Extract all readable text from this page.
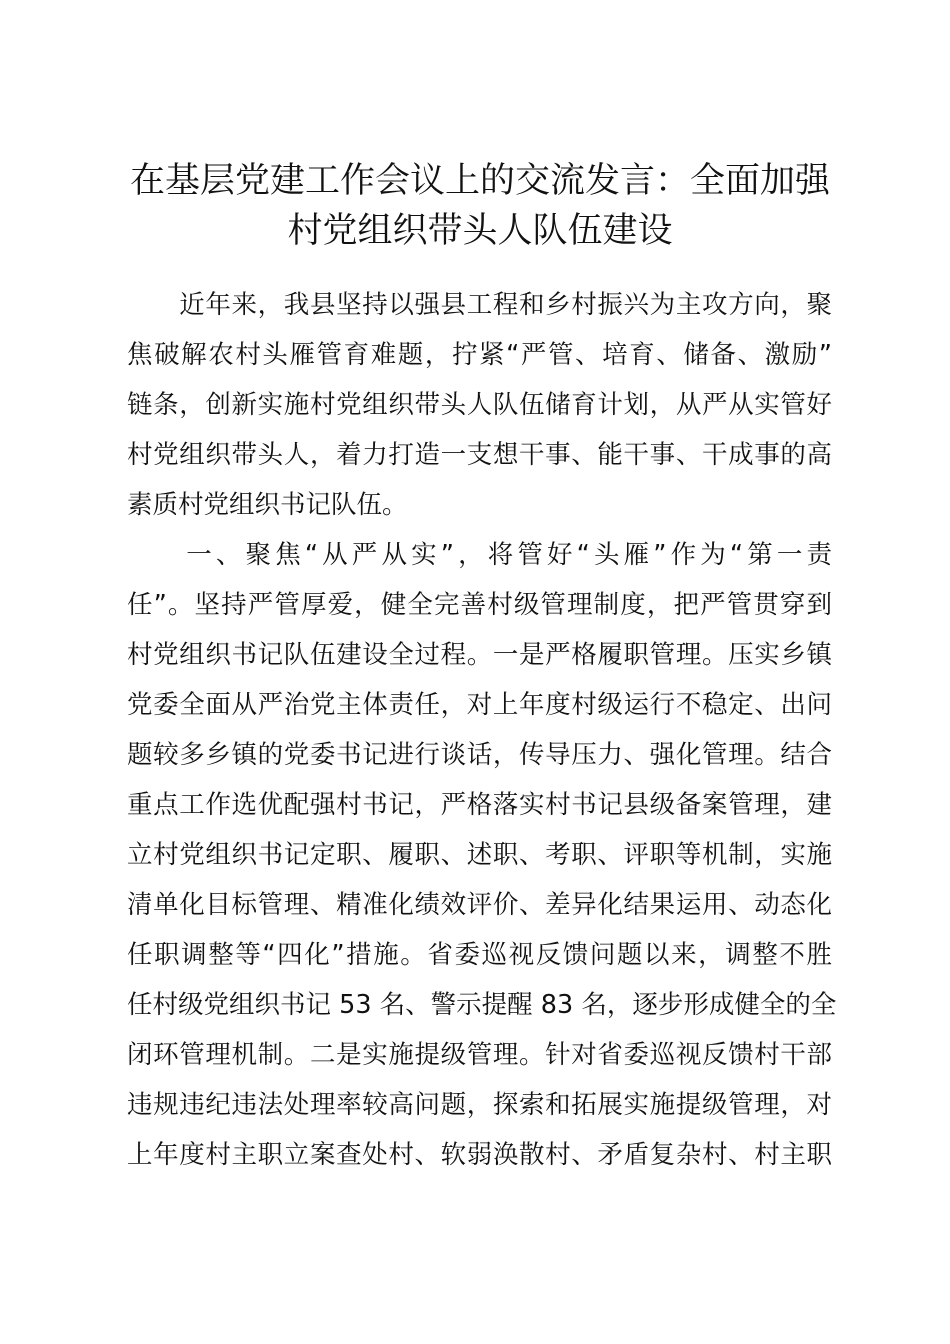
在基层党建工作会议上的交流发言：全面加强
村党组织带头人队伍建设
　　近年来，我县坚持以强县工程和乡村振兴为主攻方向，聚
焦破解农村头雁管育难题，拧紧“严管、培育、储备、激励”
链条，创新实施村党组织带头人队伍储育计划，从严从实管好
村党组织带头人，着力打造一支想干事、能干事、干成事的高
素质村党组织书记队伍。
　　一、聚焦“从严从实”，将管好“头雁”作为“第一责
任”。坚持严管厚爱，健全完善村级管理制度，把严管贯穿到
村党组织书记队伍建设全过程。一是严格履职管理。压实乡镇
党委全面从严治党主体责任，对上年度村级运行不稳定、出问
题较多乡镇的党委书记进行谈话，传导压力、强化管理。结合
重点工作选优配强村书记，严格落实村书记县级备案管理，建
立村党组织书记定职、履职、述职、考职、评职等机制，实施
清单化目标管理、精准化绩效评价、差异化结果运用、动态化
任职调整等“四化”措施。省委巡视反馈问题以来，调整不胜
任村级党组织书记 53 名、警示提醒 83 名，逐步形成健全的全
闭环管理机制。二是实施提级管理。针对省委巡视反馈村干部
违规违纪违法处理率较高问题，探索和拓展实施提级管理，对
上年度村主职立案查处村、软弱涣散村、矛盾复杂村、村主职
